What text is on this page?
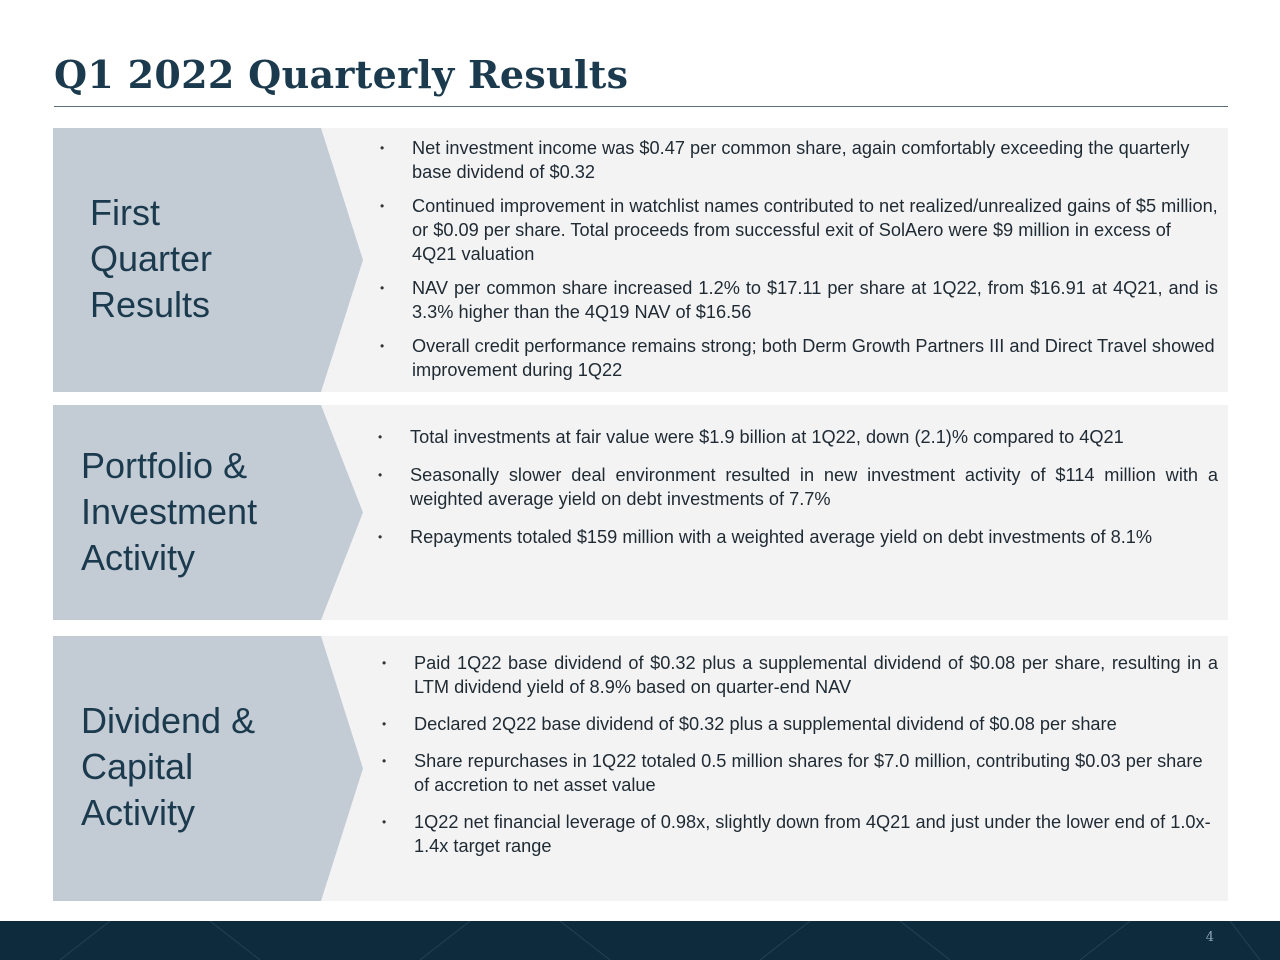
Q1 2022 Quarterly Results
First
Quarter
Results
• Net investment income was $0.47 per common share, again comfortably exceeding the quarterly base dividend of $0.32
• Continued improvement in watchlist names contributed to net realized/unrealized gains of $5 million, or $0.09 per share. Total proceeds from successful exit of SolAero were $9 million in excess of 4Q21 valuation
• NAV per common share increased 1.2% to $17.11 per share at 1Q22, from $16.91 at 4Q21, and is 3.3% higher than the 4Q19 NAV of $16.56
• Overall credit performance remains strong; both Derm Growth Partners III and Direct Travel showed improvement during 1Q22
Portfolio &
Investment
Activity
• Total investments at fair value were $1.9 billion at 1Q22, down (2.1)% compared to 4Q21
• Seasonally slower deal environment resulted in new investment activity of $114 million with a weighted average yield on debt investments of 7.7%
• Repayments totaled $159 million with a weighted average yield on debt investments of 8.1%
Dividend &
Capital
Activity
• Paid 1Q22 base dividend of $0.32 plus a supplemental dividend of $0.08 per share, resulting in a LTM dividend yield of 8.9% based on quarter-end NAV
• Declared 2Q22 base dividend of $0.32 plus a supplemental dividend of $0.08 per share
• Share repurchases in 1Q22 totaled 0.5 million shares for $7.0 million, contributing $0.03 per share of accretion to net asset value
• 1Q22 net financial leverage of 0.98x, slightly down from 4Q21 and just under the lower end of 1.0x-1.4x target range
4
